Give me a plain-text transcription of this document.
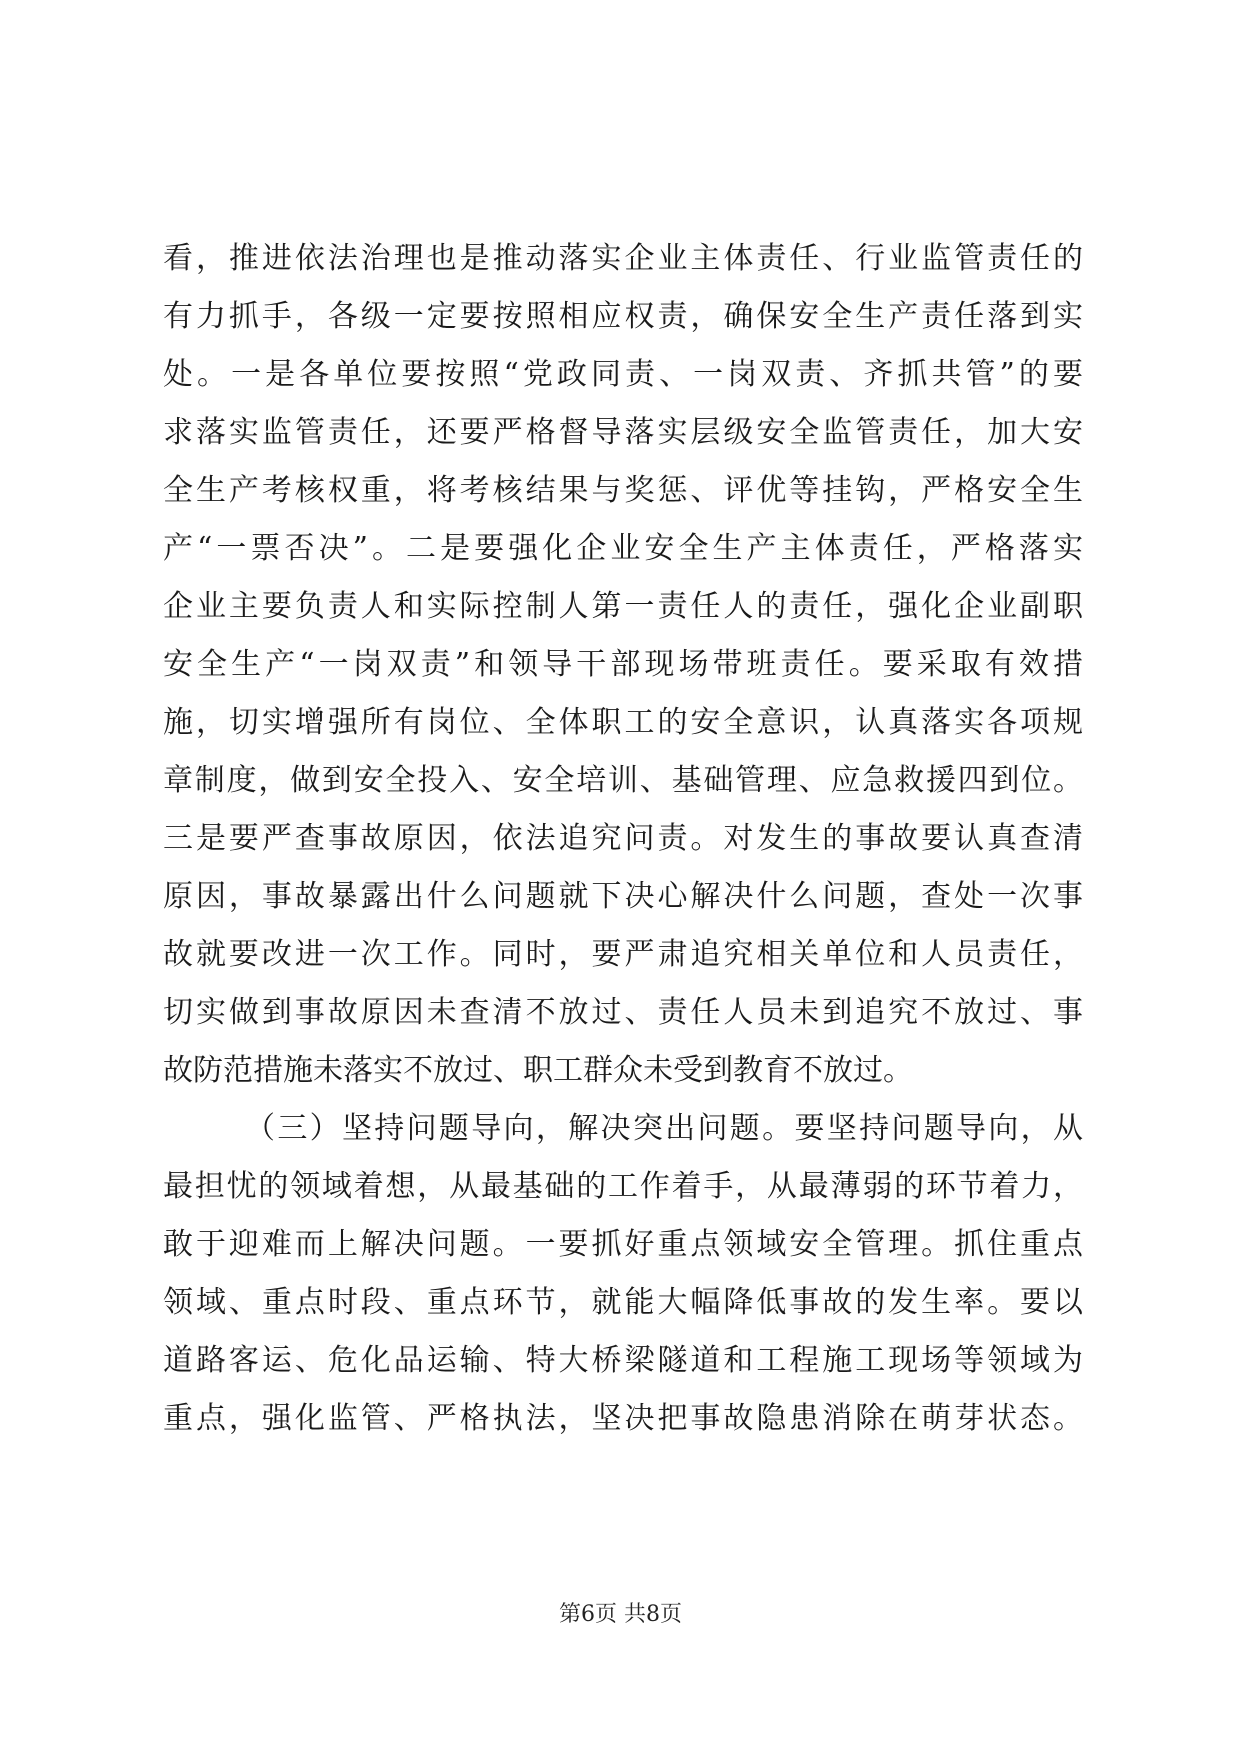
看，推进依法治理也是推动落实企业主体责任、行业监管责任的
有力抓手，各级一定要按照相应权责，确保安全生产责任落到实
处。一是各单位要按照“党政同责、一岗双责、齐抓共管”的要
求落实监管责任，还要严格督导落实层级安全监管责任，加大安
全生产考核权重，将考核结果与奖惩、评优等挂钩，严格安全生
产“一票否决”。二是要强化企业安全生产主体责任，严格落实
企业主要负责人和实际控制人第一责任人的责任，强化企业副职
安全生产“一岗双责”和领导干部现场带班责任。要采取有效措
施，切实增强所有岗位、全体职工的安全意识，认真落实各项规
章制度，做到安全投入、安全培训、基础管理、应急救援四到位。
三是要严查事故原因，依法追究问责。对发生的事故要认真查清
原因，事故暴露出什么问题就下决心解决什么问题，查处一次事
故就要改进一次工作。同时，要严肃追究相关单位和人员责任，
切实做到事故原因未查清不放过、责任人员未到追究不放过、事
故防范措施未落实不放过、职工群众未受到教育不放过。
（三）坚持问题导向，解决突出问题。要坚持问题导向，从
最担忧的领域着想，从最基础的工作着手，从最薄弱的环节着力，
敢于迎难而上解决问题。一要抓好重点领域安全管理。抓住重点
领域、重点时段、重点环节，就能大幅降低事故的发生率。要以
道路客运、危化品运输、特大桥梁隧道和工程施工现场等领域为
重点，强化监管、严格执法，坚决把事故隐患消除在萌芽状态。
第6页 共8页
